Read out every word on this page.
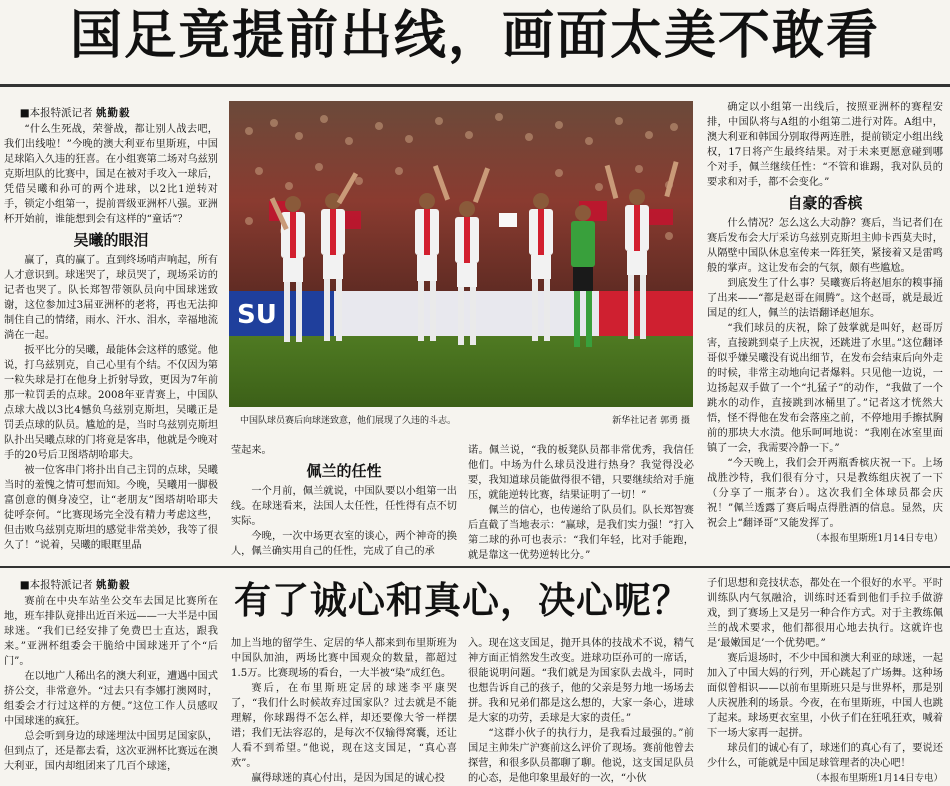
国足竟提前出线，画面太美不敢看
■本报特派记者 姚勤毅

“什么生死战，荣誉战，都让别人战去吧，我们出线啦！”今晚的澳大利亚布里斯班，中国足球陷入久违的狂喜。在小组赛第二场对乌兹别克斯坦队的比赛中，国足在被对手攻入一球后，凭借吴曦和孙可的两个进球，以2比1逆转对手，锁定小组第一，提前晋级亚洲杯八强。亚洲杯开始前，谁能想到会有这样的“童话”？

吴曦的眼泪

赢了，真的赢了。直到终场哨声响起，所有人才意识到。球迷哭了，球员哭了，现场采访的记者也哭了。队长郑智带领队员向中国球迷致谢，这位参加过3届亚洲杯的老将，再也无法抑制住自己的情绪，雨水、汗水、泪水，幸福地流淌在一起。

扳平比分的吴曦，最能体会这样的感觉。他说，打乌兹别克，自己心里有个结。不仅因为第一粒失球是打在他身上折射导致，更因为7年前那一粒罚丢的点球。2008年亚青赛上，中国队点球大战以3比4憾负乌兹别克斯坦，吴曦正是罚丢点球的队员。尴尬的是，当时乌兹别克斯坦队扑出吴曦点球的门将竟是客串，他就是今晚对手的20号后卫图塔胡哈耶夫。

被一位客串门将扑出自己主罚的点球，吴曦当时的羞愧之情可想而知。今晚，吴曦用一脚极富创意的侧身凌空，让“老朋友”图塔胡哈耶夫徒呼奈何。“比赛现场完全没有精力考虑这些，但击败乌兹别克斯坦的感觉非常美妙，我等了很久了！”说着，吴曦的眼眶里晶

SU
中国队球员赛后向球迷致意，他们展现了久违的斗志。	新华社记者 郭勇 摄

莹起来。

佩兰的任性

一个月前，佩兰就说，中国队要以小组第一出线。在球迷看来，法国人太任性，任性得有点不切实际。

今晚，一次中场更衣室的谈心，两个神奇的换人，佩兰确实用自己的任性，完成了自己的承

诺。佩兰说，“我的板凳队员都非常优秀，我信任他们。中场为什么球员没进行热身？我觉得没必要，我知道球员能做得很不错，只要继续给对手施压，就能逆转比赛，结果证明了一切！”

佩兰的信心，也传递给了队员们。队长郑智赛后直截了当地表示：“赢球，是我们实力强！”打入第二球的孙可也表示：“我们年轻，比对手能跑，就是靠这一优势逆转比分。”

确定以小组第一出线后，按照亚洲杯的赛程安排，中国队将与A组的小组第二进行对阵。A组中，澳大利亚和韩国分别取得两连胜，提前锁定小组出线权，17日将产生最终结果。对于未来更愿意碰到哪个对手，佩兰继续任性：“不管和谁踢，我对队员的要求和对手，都不会变化。”

自豪的香槟

什么情况？怎么这么大动静？赛后，当记者们在赛后发布会大厅采访乌兹别克斯坦主帅卡西莫夫时，从隔壁中国队休息室传来一阵狂笑，紧接着又是雷鸣般的掌声。这让发布会的气氛，颇有些尴尬。

到底发生了什么事？吴曦赛后将赵旭东的糗事捅了出来——“都是赵哥在闹腾”。这个赵哥，就是最近国足的红人，佩兰的法语翻译赵旭东。

“我们球员的庆祝，除了鼓掌就是叫好，赵哥厉害，直接跳到桌子上庆祝，还跳进了水里。”这位翻译哥似乎嫌吴曦没有说出细节，在发布会结束后向外走的时候，非常主动地向记者爆料。只见他一边说，一边扬起双手做了一个“扎猛子”的动作，“我做了一个跳水的动作，直接跳到冰桶里了。”记者这才恍然大悟，怪不得他在发布会落座之前，不停地用手擦拭胸前的那块大水渍。他乐呵呵地说：“我刚在冰室里面镇了一会，我需要冷静一下。”

“今天晚上，我们会开两瓶香槟庆祝一下。上场战胜沙特，我们很有分寸，只是教练组庆祝了一下（分享了一瓶茅台）。这次我们全体球员都会庆祝！”佩兰透露了赛后喝点得胜酒的信息。显然，庆祝会上“翻译哥”又能发挥了。

（本报布里斯班1月14日专电）

■本报特派记者 姚勤毅

赛前在中央车站坐公交车去国足比赛所在地，班车排队竟排出近百米远——一大半是中国球迷。“我们已经安排了免费巴士直达，跟我来。”亚洲杯组委会干脆给中国球迷开了个“后门”。

在以地广人稀出名的澳大利亚，遭遇中国式挤公交，非常意外。“过去只有李娜打澳网时，组委会才行过这样的方便。”这位工作人员感叹中国球迷的疯狂。

总会听到身边的球迷埋汰中国男足国家队，但到点了，还是都去看，这次亚洲杯比赛远在澳大利亚，国内却组团来了几百个球迷，

有了诚心和真心，决心呢？

加上当地的留学生、定居的华人都来到布里斯班为中国队加油，两场比赛中国观众的数量，都超过1.5万。比赛现场的看台，一大半被“染”成红色。

赛后，在布里斯班定居的球迷李平康哭了，“我们什么时候故弃过国家队？过去就是不能理解，你球踢得不怎么样，却还要像大爷一样摆谱；我们无法容忍的，是每次不仅输得窝囊，还让人看不到希望。”他说，现在这支国足，“真心喜欢”。

赢得球迷的真心付出，是因为国足的诚心投

入。现在这支国足，抛开具体的技战术不说，精气神方面正悄然发生改变。进球功臣孙可的一席话，很能说明问题。“我们就是为国家队去战斗，同时也想告诉自己的孩子，他的父亲是努力地一场场去拼。我和兄弟们都是这么想的，大家一条心，进球是大家的功劳，丢球是大家的责任。”

“这群小伙子的执行力，是我看过最强的。”前国足主帅朱广沪赛前这么评价了现场。赛前他曾去探营，和很多队员都聊了聊。他说，这支国足队员的心态，是他印象里最好的一次，“小伙

子们思想和竞技状态，都处在一个很好的水平。平时训练队内气氛融洽，训练时还看到他们手拉手做游戏，到了赛场上又是另一种合作方式。对于主教练佩兰的战术要求，他们都很用心地去执行。这就许也是‘最嫩国足’一个优势吧。”

赛后退场时，不少中国和澳大利亚的球迷，一起加入了中国大妈的行列，开心跳起了广场舞。这种场面似曾相识——以前布里斯班只是与世界杯，那是别人庆祝胜利的场景。今夜，在布里斯班，中国人也跳了起来。球场更衣室里，小伙子们在狂吼狂欢，喊着下一场大家再一起拼。

球员们的诚心有了，球迷们的真心有了，要说还少什么，可能就是中国足球管理者的决心吧！

（本报布里斯班1月14日专电）
